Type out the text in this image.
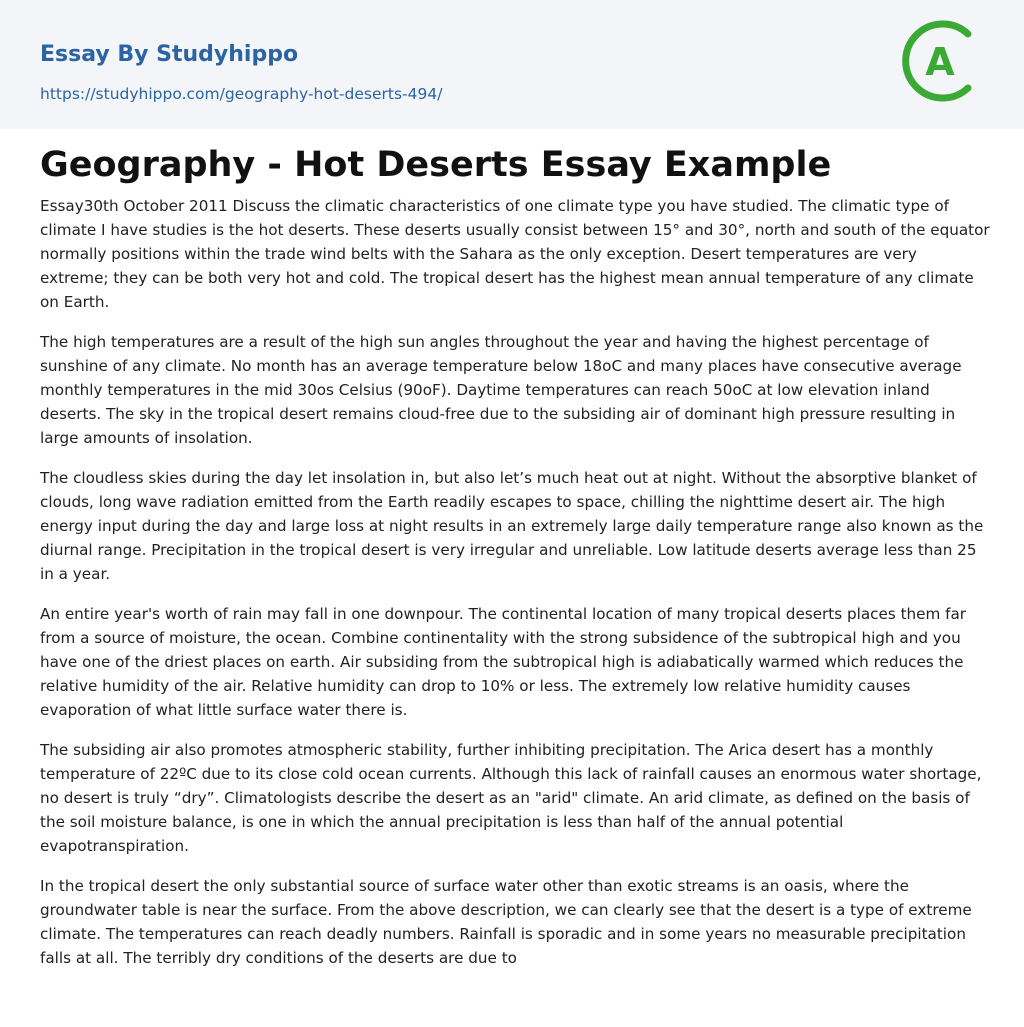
Essay By Studyhippo
https://studyhippo.com/geography-hot-deserts-494/
A
Geography - Hot Deserts Essay Example

Essay30th October 2011 Discuss the climatic characteristics of one climate type you have studied. The climatic type of climate I have studies is the hot deserts. These deserts usually consist between 15° and 30°, north and south of the equator normally positions within the trade wind belts with the Sahara as the only exception. Desert temperatures are very extreme; they can be both very hot and cold. The tropical desert has the highest mean annual temperature of any climate on Earth.

The high temperatures are a result of the high sun angles throughout the year and having the highest percentage of sunshine of any climate. No month has an average temperature below 18oC and many places have consecutive average monthly temperatures in the mid 30os Celsius (90oF). Daytime temperatures can reach 50oC at low elevation inland deserts. The sky in the tropical desert remains cloud-free due to the subsiding air of dominant high pressure resulting in large amounts of insolation.

The cloudless skies during the day let insolation in, but also let’s much heat out at night. Without the absorptive blanket of clouds, long wave radiation emitted from the Earth readily escapes to space, chilling the nighttime desert air. The high energy input during the day and large loss at night results in an extremely large daily temperature range also known as the diurnal range. Precipitation in the tropical desert is very irregular and unreliable. Low latitude deserts average less than 25 in a year.

An entire year's worth of rain may fall in one downpour. The continental location of many tropical deserts places them far from a source of moisture, the ocean. Combine continentality with the strong subsidence of the subtropical high and you have one of the driest places on earth. Air subsiding from the subtropical high is adiabatically warmed which reduces the relative humidity of the air. Relative humidity can drop to 10% or less. The extremely low relative humidity causes evaporation of what little surface water there is.

The subsiding air also promotes atmospheric stability, further inhibiting precipitation. The Arica desert has a monthly temperature of 22ºC due to its close cold ocean currents. Although this lack of rainfall causes an enormous water shortage, no desert is truly “dry”. Climatologists describe the desert as an "arid" climate. An arid climate, as defined on the basis of the soil moisture balance, is one in which the annual precipitation is less than half of the annual potential evapotranspiration.

In the tropical desert the only substantial source of surface water other than exotic streams is an oasis, where the groundwater table is near the surface. From the above description, we can clearly see that the desert is a type of extreme climate. The temperatures can reach deadly numbers. Rainfall is sporadic and in some years no measurable precipitation falls at all. The terribly dry conditions of the deserts are due to
